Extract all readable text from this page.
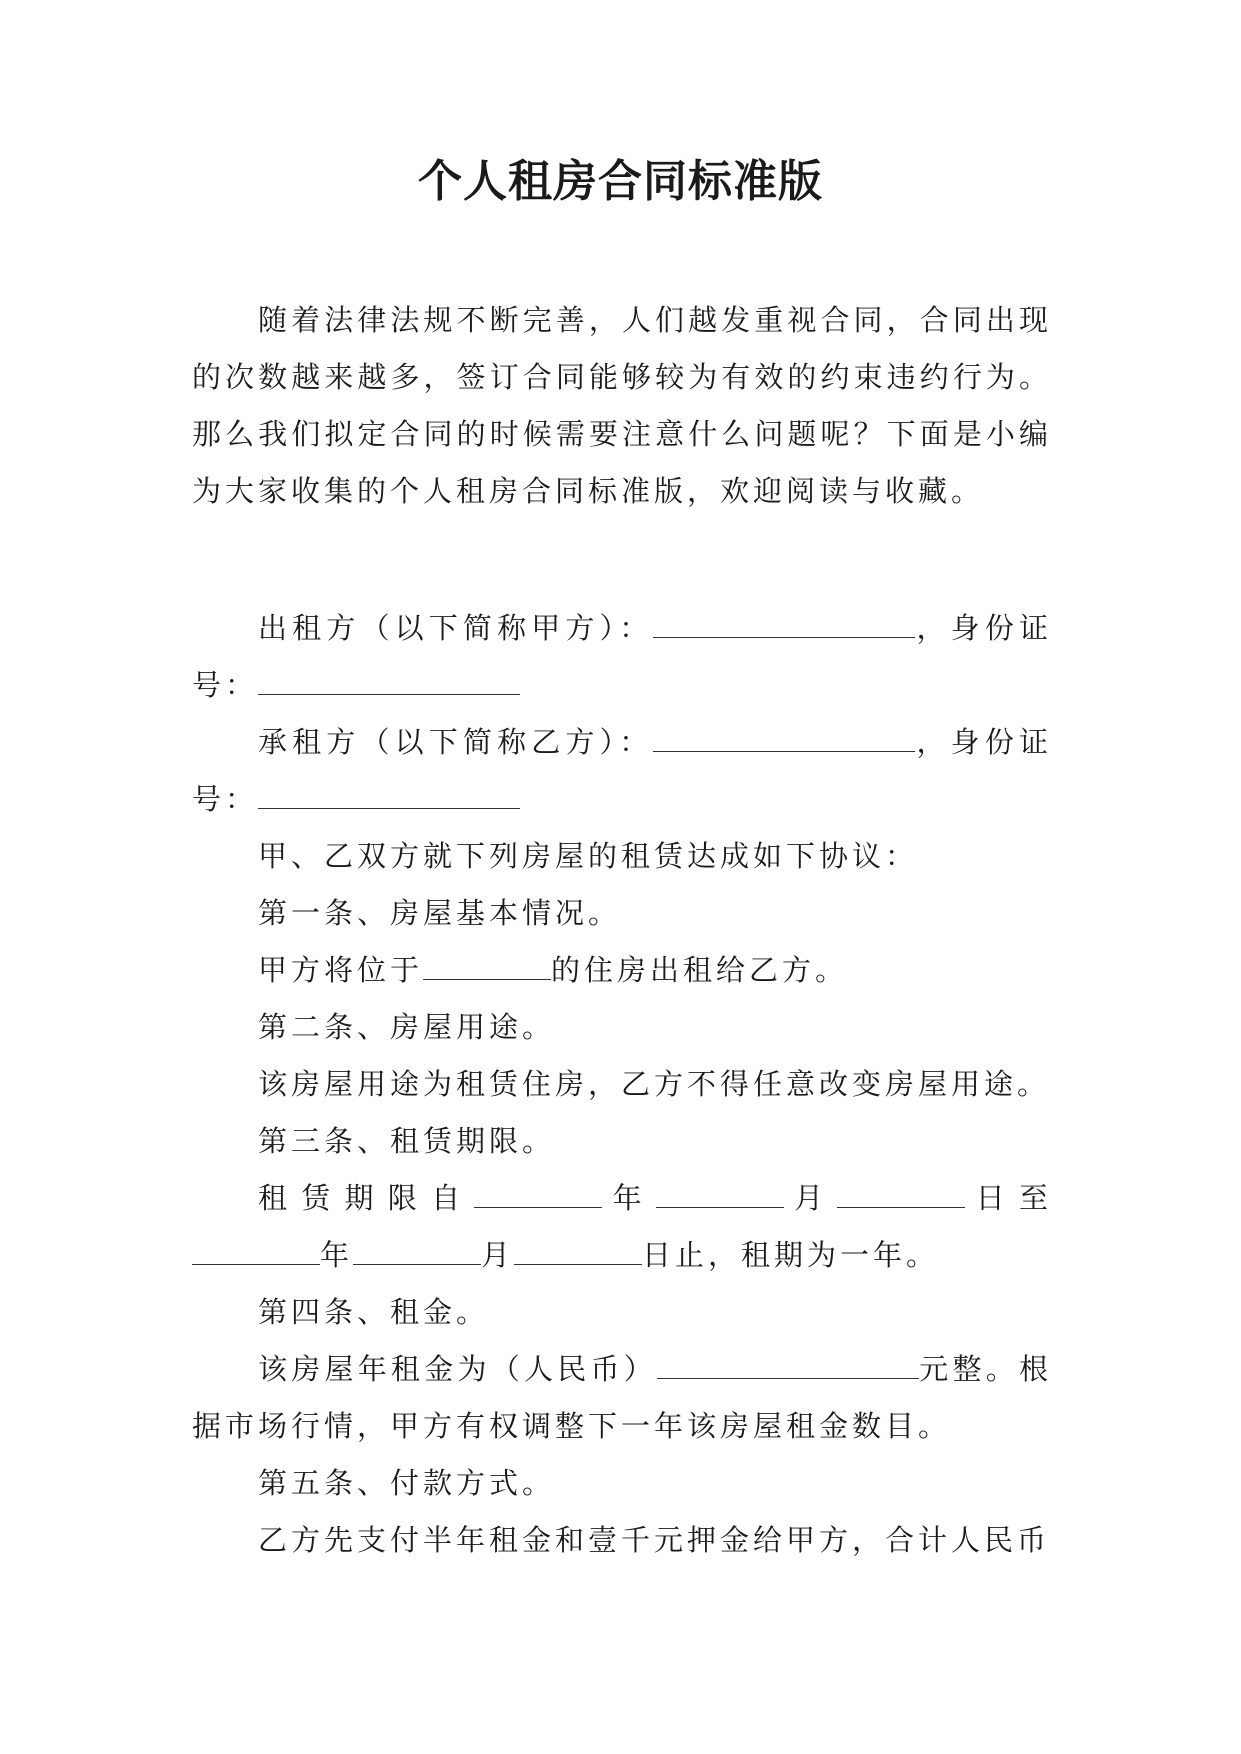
个人租房合同标准版

随着法律法规不断完善，人们越发重视合同，合同出现的次数越来越多，签订合同能够较为有效的约束违约行为。那么我们拟定合同的时候需要注意什么问题呢？下面是小编为大家收集的个人租房合同标准版，欢迎阅读与收藏。

出租方（以下简称甲方）：	，身份证号：

承租方（以下简称乙方）：	，身份证号：

甲、乙双方就下列房屋的租赁达成如下协议：

第一条、房屋基本情况。

甲方将位于	的住房出租给乙方。

第二条、房屋用途。

该房屋用途为租赁住房，乙方不得任意改变房屋用途。

第三条、租赁期限。

租赁期限自	年	月	日至年	月	日止，租期为一年。

第四条、租金。

该房屋年租金为（人民币）	元整。根据市场行情，甲方有权调整下一年该房屋租金数目。

第五条、付款方式。

乙方先支付半年租金和壹千元押金给甲方，合计人民币
